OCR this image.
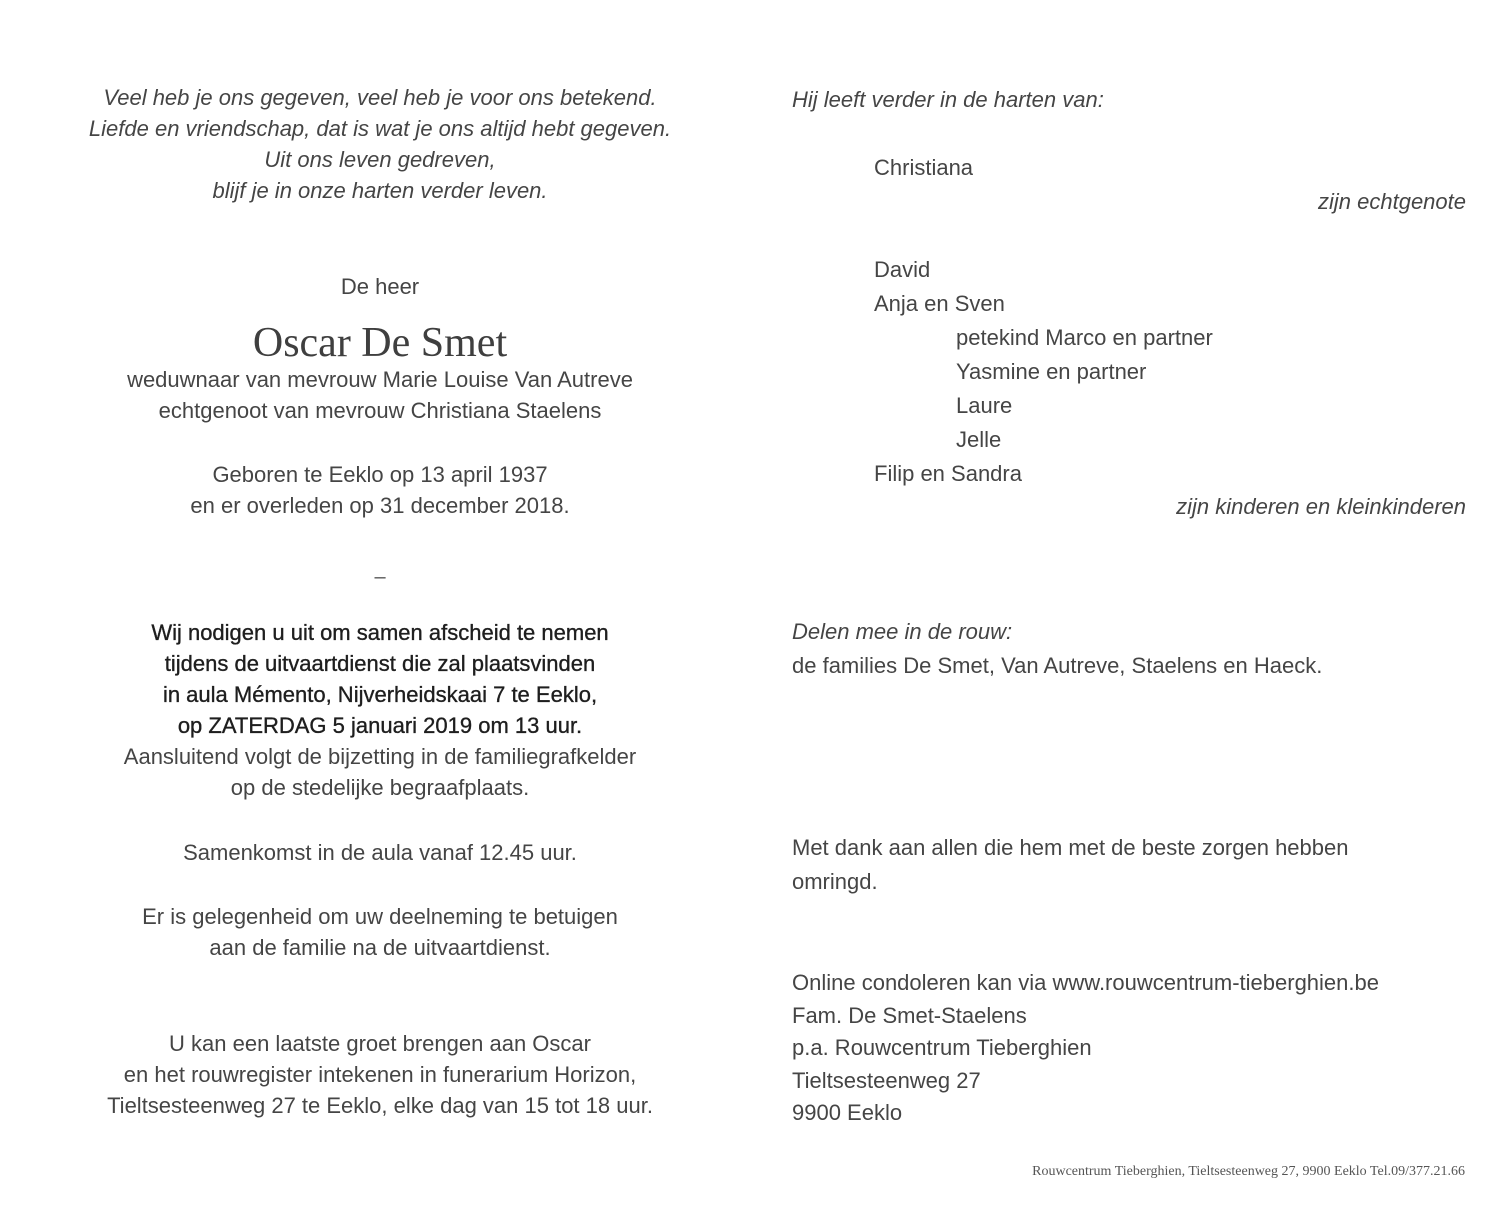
Veel heb je ons gegeven, veel heb je voor ons betekend.
Liefde en vriendschap, dat is wat je ons altijd hebt gegeven.
Uit ons leven gedreven,
blijf je in onze harten verder leven.
De heer
Oscar De Smet
weduwnaar van mevrouw Marie Louise Van Autreve
echtgenoot van mevrouw Christiana Staelens
Geboren te Eeklo op 13 april 1937
en er overleden op 31 december 2018.
–
Wij nodigen u uit om samen afscheid te nemen
tijdens de uitvaartdienst die zal plaatsvinden
in aula Mémento, Nijverheidskaai 7 te Eeklo,
op ZATERDAG 5 januari 2019 om 13 uur.
Aansluitend volgt de bijzetting in de familiegrafkelder
op de stedelijke begraafplaats.
Samenkomst in de aula vanaf 12.45 uur.
Er is gelegenheid om uw deelneming te betuigen
aan de familie na de uitvaartdienst.
U kan een laatste groet brengen aan Oscar
en het rouwregister intekenen in funerarium Horizon,
Tieltsesteenweg 27 te Eeklo, elke dag van 15 tot 18 uur.
Hij leeft verder in de harten van:
Christiana
zijn echtgenote
David
Anja en Sven
petekind Marco en partner
Yasmine en partner
Laure
Jelle
Filip en Sandra
zijn kinderen en kleinkinderen
Delen mee in de rouw:
de families De Smet, Van Autreve, Staelens en Haeck.
Met dank aan allen die hem met de beste zorgen hebben
omringd.
Online condoleren kan via www.rouwcentrum-tieberghien.be
Fam. De Smet-Staelens
p.a. Rouwcentrum Tieberghien
Tieltsesteenweg 27
9900 Eeklo
Rouwcentrum Tieberghien, Tieltsesteenweg 27, 9900 Eeklo Tel.09/377.21.66
